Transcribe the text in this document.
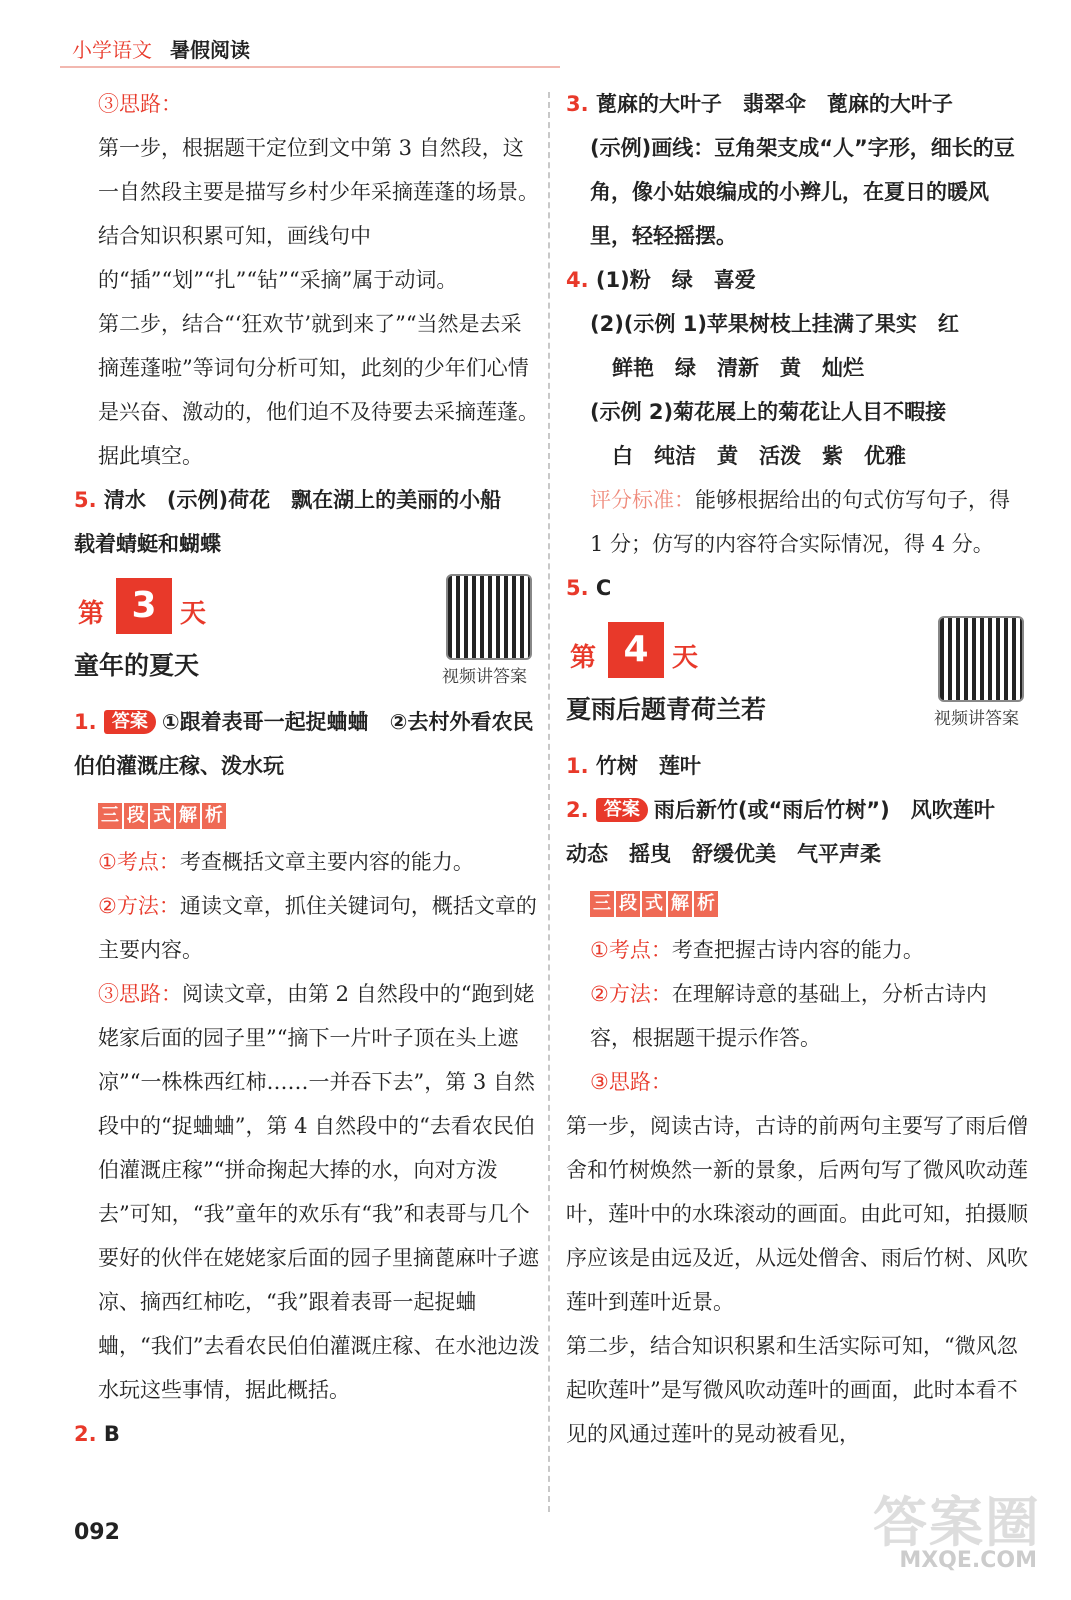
小学语文 暑假阅读

③思路：

第一步，根据题干定位到文中第 3 自然段，这一自然段主要是描写乡村少年采摘莲蓬的场景。结合知识积累可知，画线句中的“插”“划”“扎”“钻”“采摘”属于动词。

第二步，结合“‘狂欢节’就到来了”“当然是去采摘莲蓬啦”等词句分析可知，此刻的少年们心情是兴奋、激动的，他们迫不及待要去采摘莲蓬。据此填空。

5. 清水　(示例)荷花　飘在湖上的美丽的小船　载着蜻蜓和蝴蝶

第 3 天
童年的夏天

1. 答案 ①跟着表哥一起捉蛐蛐　②去村外看农民伯伯灌溉庄稼、泼水玩

三 段 式 解 析

①考点：考查概括文章主要内容的能力。

②方法：通读文章，抓住关键词句，概括文章的主要内容。

③思路：阅读文章，由第 2 自然段中的“跑到姥姥家后面的园子里”“摘下一片叶子顶在头上遮凉”“一株株西红柿……一并吞下去”，第 3 自然段中的“捉蛐蛐”，第 4 自然段中的“去看农民伯伯灌溉庄稼”“拼命掬起大捧的水，向对方泼去”可知，“我”童年的欢乐有“我”和表哥与几个要好的伙伴在姥姥家后面的园子里摘蓖麻叶子遮凉、摘西红柿吃，“我”跟着表哥一起捉蛐蛐，“我们”去看农民伯伯灌溉庄稼、在水池边泼水玩这些事情，据此概括。

2. B

视频讲答案

3. 蓖麻的大叶子　翡翠伞　蓖麻的大叶子

(示例)画线：豆角架支成“人”字形，细长的豆角，像小姑娘编成的小辫儿，在夏日的暖风里，轻轻摇摆。

4. (1)粉　绿　喜爱

(2)(示例 1)苹果树枝上挂满了果实　红

鲜艳　绿　清新　黄　灿烂

(示例 2)菊花展上的菊花让人目不暇接

白　纯洁　黄　活泼　紫　优雅

评分标准：能够根据给出的句式仿写句子，得 1 分；仿写的内容符合实际情况，得 4 分。

5. C

第 4 天
夏雨后题青荷兰若

1. 竹树　莲叶

2. 答案 雨后新竹(或“雨后竹树”)　风吹莲叶　动态　摇曳　舒缓优美　气平声柔

三 段 式 解 析

①考点：考查把握古诗内容的能力。

②方法：在理解诗意的基础上，分析古诗内容，根据题干提示作答。

③思路：

第一步，阅读古诗，古诗的前两句主要写了雨后僧舍和竹树焕然一新的景象，后两句写了微风吹动莲叶，莲叶中的水珠滚动的画面。由此可知，拍摄顺序应该是由远及近，从远处僧舍、雨后竹树、风吹莲叶到莲叶近景。

第二步，结合知识积累和生活实际可知，“微风忽起吹莲叶”是写微风吹动莲叶的画面，此时本看不见的风通过莲叶的晃动被看见，

视频讲答案
092	答案圈
MXQE.COM
